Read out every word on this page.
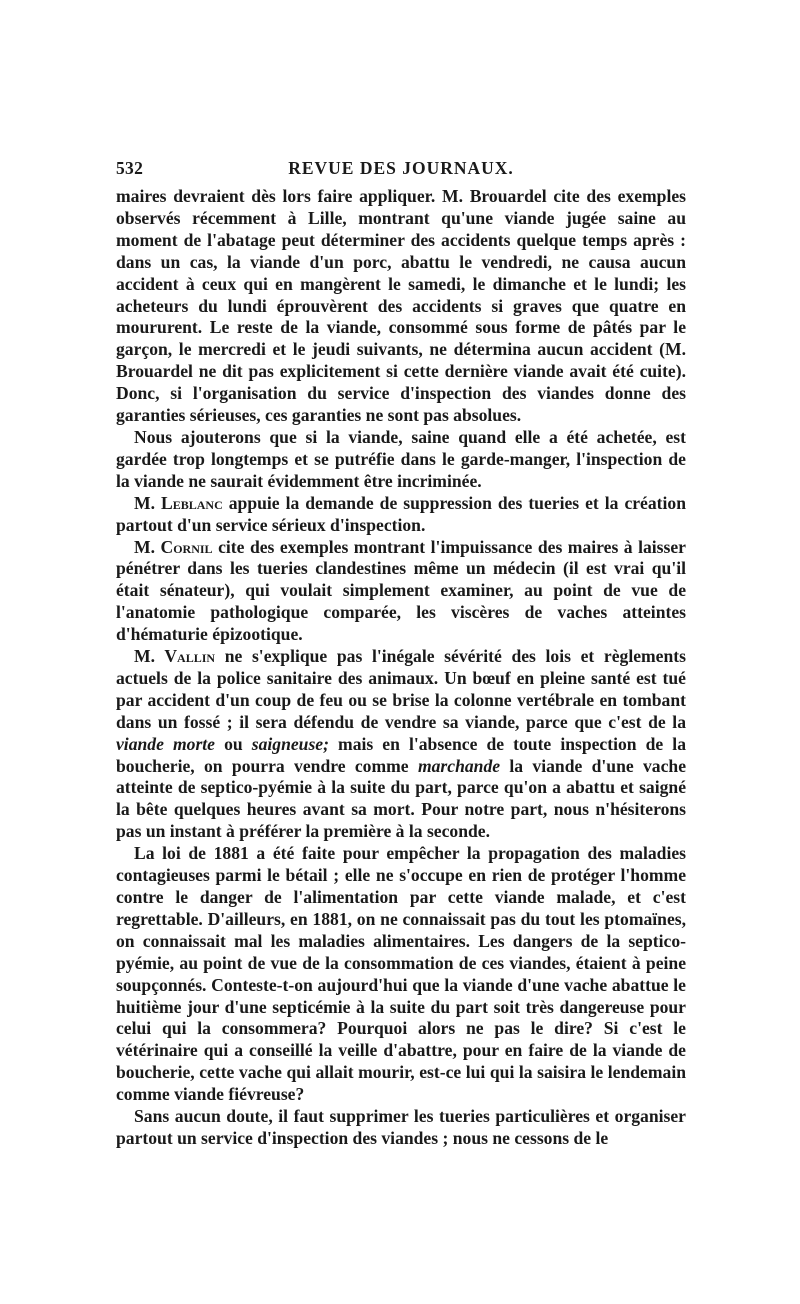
532	REVUE DES JOURNAUX.

maires devraient dès lors faire appliquer. M. Brouardel cite des exemples observés récemment à Lille, montrant qu'une viande jugée saine au moment de l'abatage peut déterminer des accidents quelque temps après : dans un cas, la viande d'un porc, abattu le vendredi, ne causa aucun accident à ceux qui en mangèrent le samedi, le dimanche et le lundi; les acheteurs du lundi éprouvèrent des accidents si graves que quatre en moururent. Le reste de la viande, consommé sous forme de pâtés par le garçon, le mercredi et le jeudi suivants, ne détermina aucun accident (M. Brouardel ne dit pas explicitement si cette dernière viande avait été cuite). Donc, si l'organisation du service d'inspection des viandes donne des garanties sérieuses, ces garanties ne sont pas absolues.

Nous ajouterons que si la viande, saine quand elle a été achetée, est gardée trop longtemps et se putréfie dans le garde-manger, l'inspection de la viande ne saurait évidemment être incriminée.

M. Leblanc appuie la demande de suppression des tueries et la création partout d'un service sérieux d'inspection.

M. Cornil cite des exemples montrant l'impuissance des maires à laisser pénétrer dans les tueries clandestines même un médecin (il est vrai qu'il était sénateur), qui voulait simplement examiner, au point de vue de l'anatomie pathologique comparée, les viscères de vaches atteintes d'hématurie épizootique.

M. Vallin ne s'explique pas l'inégale sévérité des lois et règlements actuels de la police sanitaire des animaux. Un bœuf en pleine santé est tué par accident d'un coup de feu ou se brise la colonne vertébrale en tombant dans un fossé ; il sera défendu de vendre sa viande, parce que c'est de la viande morte ou saigneuse; mais en l'absence de toute inspection de la boucherie, on pourra vendre comme marchande la viande d'une vache atteinte de septico-pyémie à la suite du part, parce qu'on a abattu et saigné la bête quelques heures avant sa mort. Pour notre part, nous n'hésiterons pas un instant à préférer la première à la seconde.

La loi de 1881 a été faite pour empêcher la propagation des maladies contagieuses parmi le bétail ; elle ne s'occupe en rien de protéger l'homme contre le danger de l'alimentation par cette viande malade, et c'est regrettable. D'ailleurs, en 1881, on ne connaissait pas du tout les ptomaïnes, on connaissait mal les maladies alimentaires. Les dangers de la septico-pyémie, au point de vue de la consommation de ces viandes, étaient à peine soupçonnés. Conteste-t-on aujourd'hui que la viande d'une vache abattue le huitième jour d'une septicémie à la suite du part soit très dangereuse pour celui qui la consommera? Pourquoi alors ne pas le dire? Si c'est le vétérinaire qui a conseillé la veille d'abattre, pour en faire de la viande de boucherie, cette vache qui allait mourir, est-ce lui qui la saisira le lendemain comme viande fiévreuse?

Sans aucun doute, il faut supprimer les tueries particulières et organiser partout un service d'inspection des viandes ; nous ne cessons de le
